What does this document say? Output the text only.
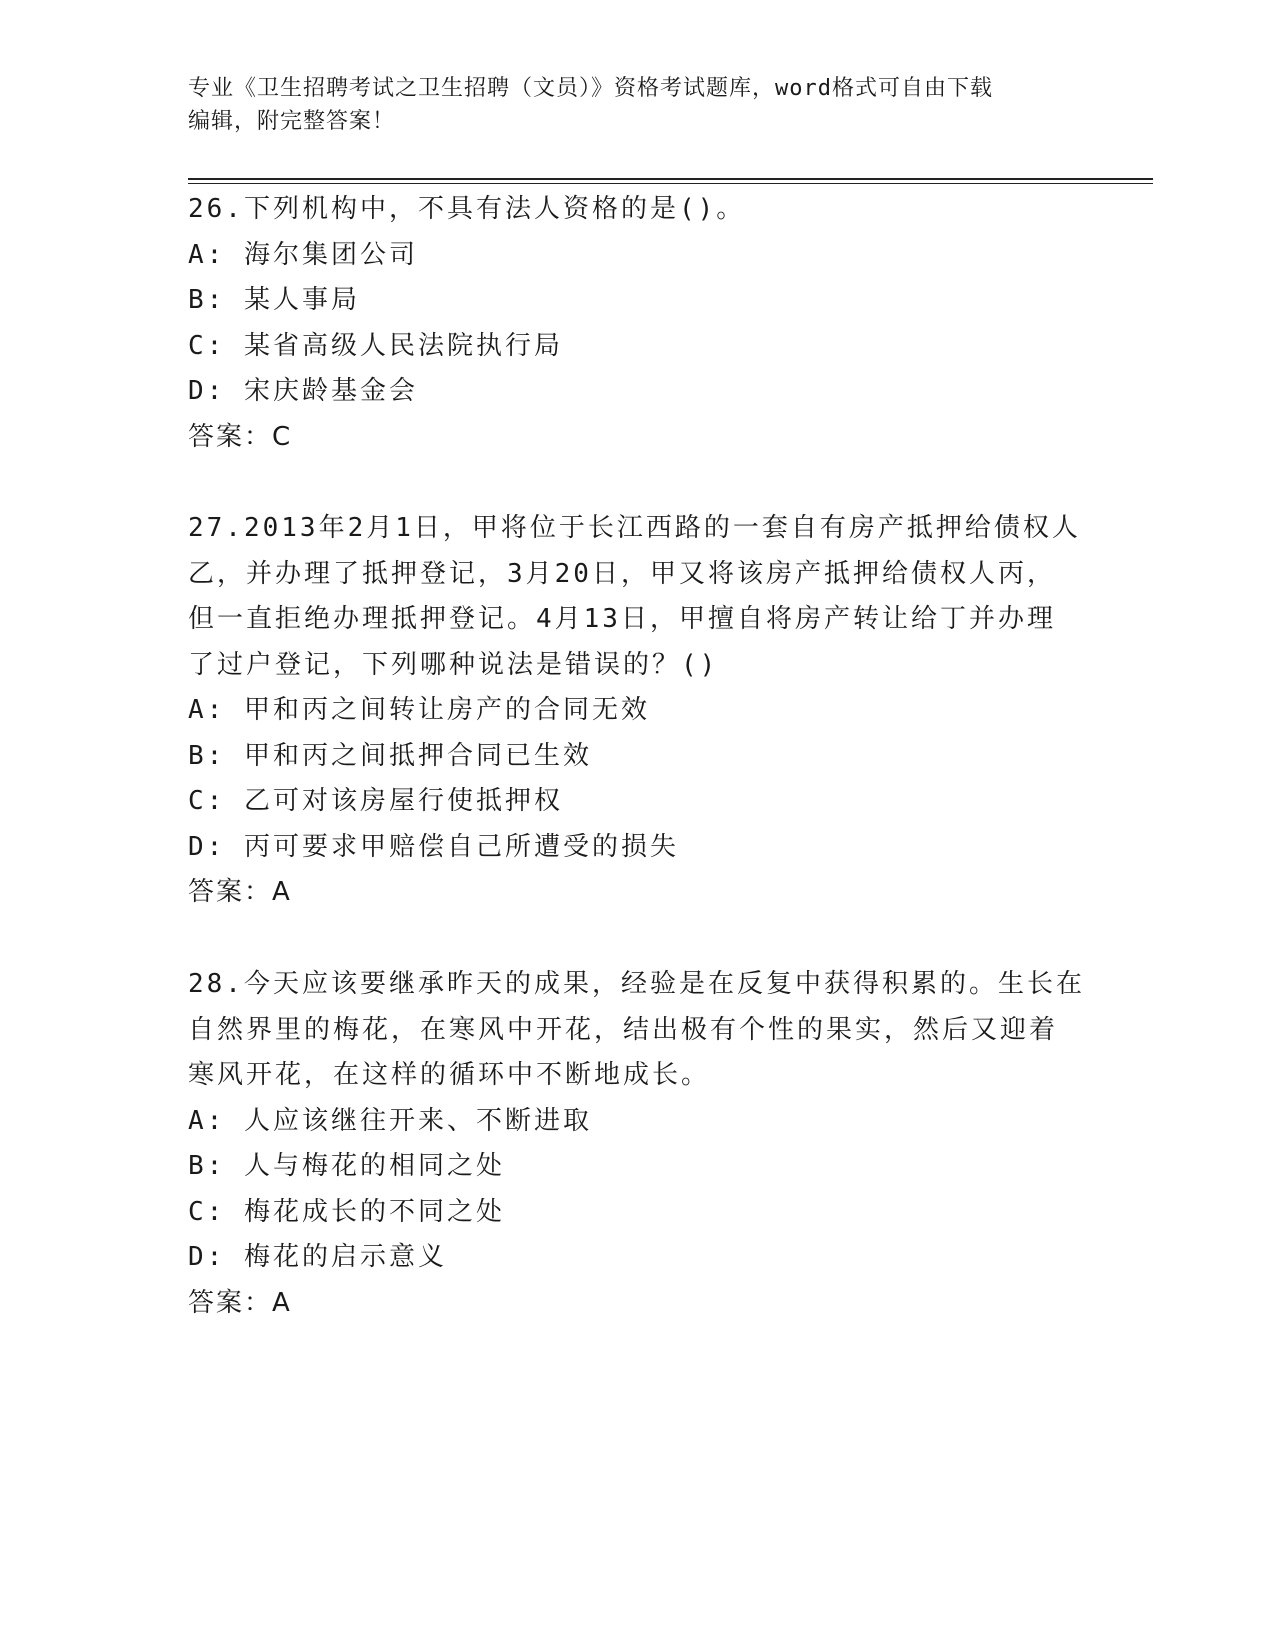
专业《卫生招聘考试之卫生招聘（文员）》资格考试题库，word格式可自由下载
编辑，附完整答案！
26.下列机构中，不具有法人资格的是()。
A: 海尔集团公司
B: 某人事局
C: 某省高级人民法院执行局
D: 宋庆龄基金会
答案：C
27.2013年2月1日，甲将位于长江西路的一套自有房产抵押给债权人
乙，并办理了抵押登记，3月20日，甲又将该房产抵押给债权人丙，
但一直拒绝办理抵押登记。4月13日，甲擅自将房产转让给丁并办理
了过户登记，下列哪种说法是错误的？()
A: 甲和丙之间转让房产的合同无效
B: 甲和丙之间抵押合同已生效
C: 乙可对该房屋行使抵押权
D: 丙可要求甲赔偿自己所遭受的损失
答案：A
28.今天应该要继承昨天的成果，经验是在反复中获得积累的。生长在
自然界里的梅花，在寒风中开花，结出极有个性的果实，然后又迎着
寒风开花，在这样的循环中不断地成长。
A: 人应该继往开来、不断进取
B: 人与梅花的相同之处
C: 梅花成长的不同之处
D: 梅花的启示意义
答案：A
